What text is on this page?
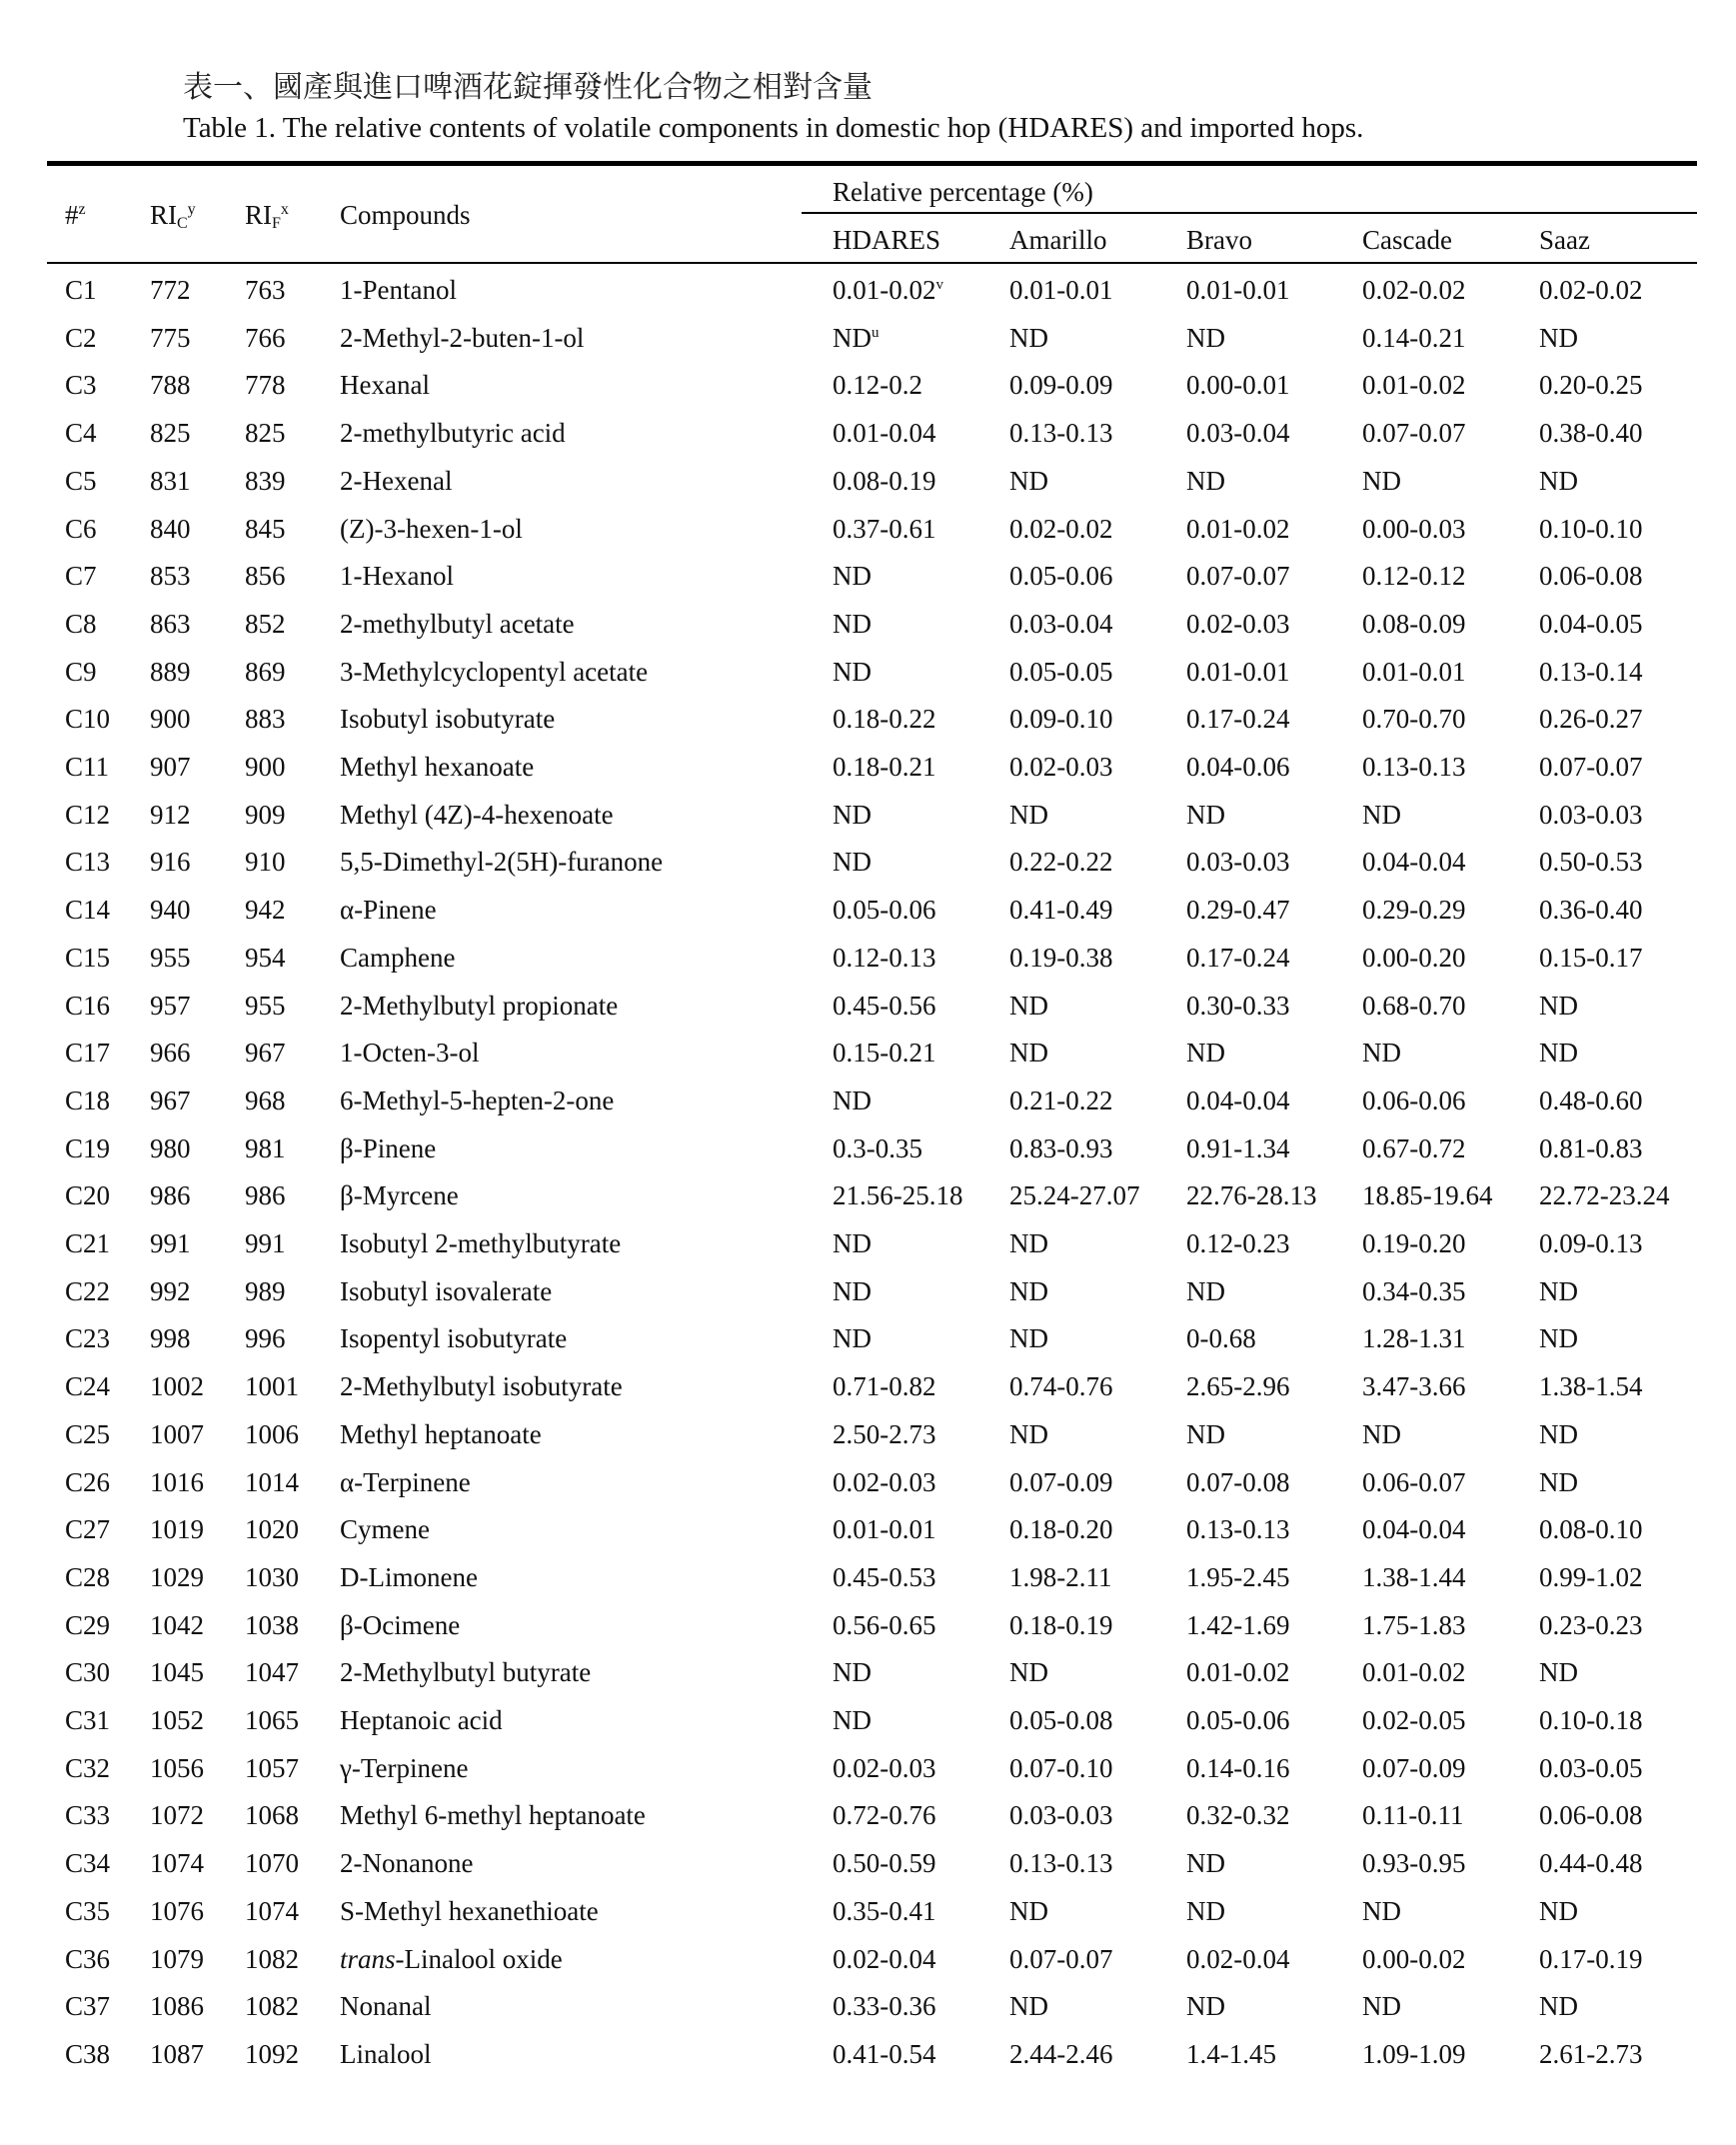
表一、國產與進口啤酒花錠揮發性化合物之相對含量
Table 1. The relative contents of volatile components in domestic hop (HDARES) and imported hops.
#$^z$ $RI_C^y$ $RI_F^x$ Compounds
Relative percentage (%)
HDARES	Amarillo	Bravo	Cascade	Saaz
C1 772 763 1-Pentanol	0.01-0.02$^v$ 0.01-0.01	0.01-0.01	0.02-0.02	0.02-0.02
C2 775 766 2-Methyl-2-buten-1-ol	$ND^u$	ND	ND	0.14-0.21	ND
C3 788 778 Hexanal	0.12-0.2	0.09-0.09	0.00-0.01	0.01-0.02	0.20-0.25
C4 825 825 2-methylbutyric acid	0.01-0.04	0.13-0.13	0.03-0.04	0.07-0.07	0.38-0.40
C5 831 839 2-Hexenal	0.08-0.19	ND	ND	ND	ND
C6 840 845 (Z)-3-hexen-1-ol	0.37-0.61	0.02-0.02	0.01-0.02	0.00-0.03	0.10-0.10
C7 853 856 1-Hexanol	ND	0.05-0.06	0.07-0.07	0.12-0.12	0.06-0.08
C8 863 852 2-methylbutyl acetate	ND	0.03-0.04	0.02-0.03	0.08-0.09	0.04-0.05
C9 889 869 3-Methylcyclopentyl acetate	ND	0.05-0.05	0.01-0.01	0.01-0.01	0.13-0.14
C10 900 883 Isobutyl isobutyrate	0.18-0.22	0.09-0.10	0.17-0.24	0.70-0.70	0.26-0.27
C11 907 900 Methyl hexanoate	0.18-0.21	0.02-0.03	0.04-0.06	0.13-0.13	0.07-0.07
C12 912 909 Methyl (4Z)-4-hexenoate	ND	ND	ND	ND	0.03-0.03
C13 916 910 5,5-Dimethyl-2(5H)-furanone	ND	0.22-0.22	0.03-0.03	0.04-0.04	0.50-0.53
C14 940 942 α-Pinene	0.05-0.06	0.41-0.49	0.29-0.47	0.29-0.29	0.36-0.40
C15 955 954 Camphene	0.12-0.13	0.19-0.38	0.17-0.24	0.00-0.20	0.15-0.17
C16 957 955 2-Methylbutyl propionate	0.45-0.56	ND	0.30-0.33	0.68-0.70	ND
C17 966 967 1-Octen-3-ol	0.15-0.21	ND	ND	ND	ND
C18 967 968 6-Methyl-5-hepten-2-one	ND	0.21-0.22	0.04-0.04	0.06-0.06	0.48-0.60
C19 980 981 β-Pinene	0.3-0.35	0.83-0.93	0.91-1.34	0.67-0.72	0.81-0.83
C20 986 986 β-Myrcene	21.56-25.18 25.24-27.07 22.76-28.13 18.85-19.64 22.72-23.24
C21 991 991 Isobutyl 2-methylbutyrate	ND	ND	0.12-0.23	0.19-0.20	0.09-0.13
C22 992 989 Isobutyl isovalerate	ND	ND	ND	0.34-0.35	ND
C23 998 996 Isopentyl isobutyrate	ND	ND	0-0.68	1.28-1.31	ND
C24 1002 1001 2-Methylbutyl isobutyrate	0.71-0.82	0.74-0.76	2.65-2.96	3.47-3.66	1.38-1.54
C25 1007 1006 Methyl heptanoate	2.50-2.73	ND	ND	ND	ND
C26 1016 1014 α-Terpinene	0.02-0.03	0.07-0.09	0.07-0.08	0.06-0.07	ND
C27 1019 1020 Cymene	0.01-0.01	0.18-0.20	0.13-0.13	0.04-0.04	0.08-0.10
C28 1029 1030 D-Limonene	0.45-0.53	1.98-2.11	1.95-2.45	1.38-1.44	0.99-1.02
C29 1042 1038 β-Ocimene	0.56-0.65	0.18-0.19	1.42-1.69	1.75-1.83	0.23-0.23
C30 1045 1047 2-Methylbutyl butyrate	ND	ND	0.01-0.02	0.01-0.02	ND
C31 1052 1065 Heptanoic acid	ND	0.05-0.08	0.05-0.06	0.02-0.05	0.10-0.18
C32 1056 1057 γ-Terpinene	0.02-0.03	0.07-0.10	0.14-0.16	0.07-0.09	0.03-0.05
C33 1072 1068 Methyl 6-methyl heptanoate	0.72-0.76	0.03-0.03	0.32-0.32	0.11-0.11	0.06-0.08
C34 1074 1070 2-Nonanone	0.50-0.59	0.13-0.13	ND	0.93-0.95	0.44-0.48
C35 1076 1074 S-Methyl hexanethioate	0.35-0.41	ND	ND	ND	ND
C36 1079 1082 trans-Linalool oxide	0.02-0.04	0.07-0.07	0.02-0.04	0.00-0.02	0.17-0.19
C37 1086 1082 Nonanal	0.33-0.36	ND	ND	ND	ND
C38 1087 1092 Linalool	0.41-0.54	2.44-2.46	1.4-1.45	1.09-1.09	2.61-2.73
